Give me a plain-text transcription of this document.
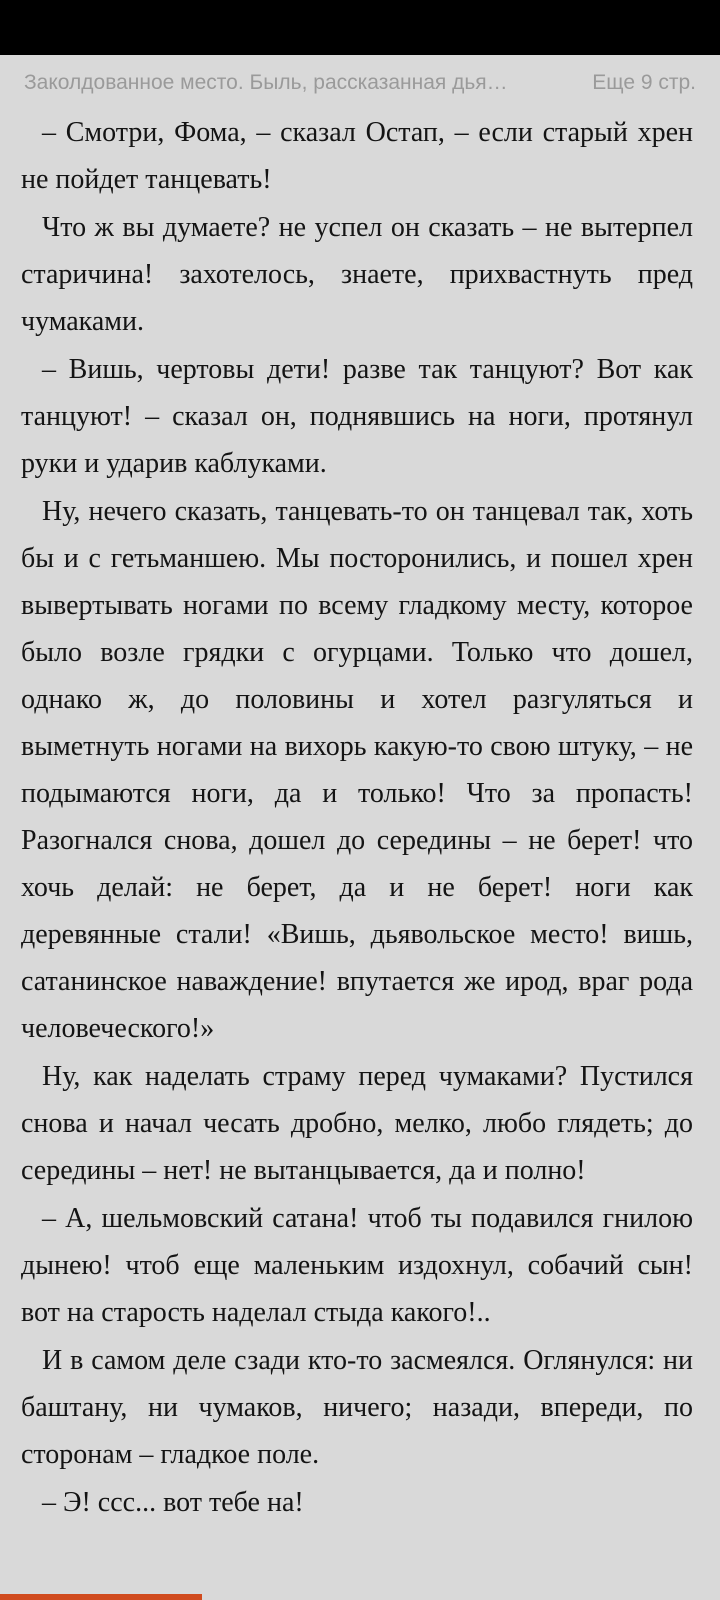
Заколдованное место. Быль, рассказанная дья…	Еще 9 стр.

– Смотри, Фома, – сказал Остап, – если старый хрен не пойдет танцевать!

Что ж вы думаете? не успел он сказать – не вытерпел старичина! захотелось, знаете, прихвастнуть пред чумаками.

– Вишь, чертовы дети! разве так танцуют? Вот как танцуют! – сказал он, поднявшись на ноги, протянул руки и ударив каблуками.

Ну, нечего сказать, танцевать-то он танцевал так, хоть бы и с гетьманшею. Мы посторонились, и пошел хрен вывертывать ногами по всему гладкому месту, которое было возле грядки с огурцами. Только что дошел, однако ж, до половины и хотел разгуляться и выметнуть ногами на вихорь какую-то свою штуку, – не подымаются ноги, да и только! Что за пропасть! Разогнался снова, дошел до середины – не берет! что хочь делай: не берет, да и не берет! ноги как деревянные стали! «Вишь, дьявольское место! вишь, сатанинское наваждение! впутается же ирод, враг рода человеческого!»

Ну, как наделать страму перед чумаками? Пустился снова и начал чесать дробно, мелко, любо глядеть; до середины – нет! не вытанцывается, да и полно!

– А, шельмовский сатана! чтоб ты подавился гнилою дынею! чтоб еще маленьким издохнул, собачий сын! вот на старость наделал стыда какого!..

И в самом деле сзади кто-то засмеялся. Оглянулся: ни баштану, ни чумаков, ничего; назади, впереди, по сторонам – гладкое поле.

– Э! ссс... вот тебе на!
